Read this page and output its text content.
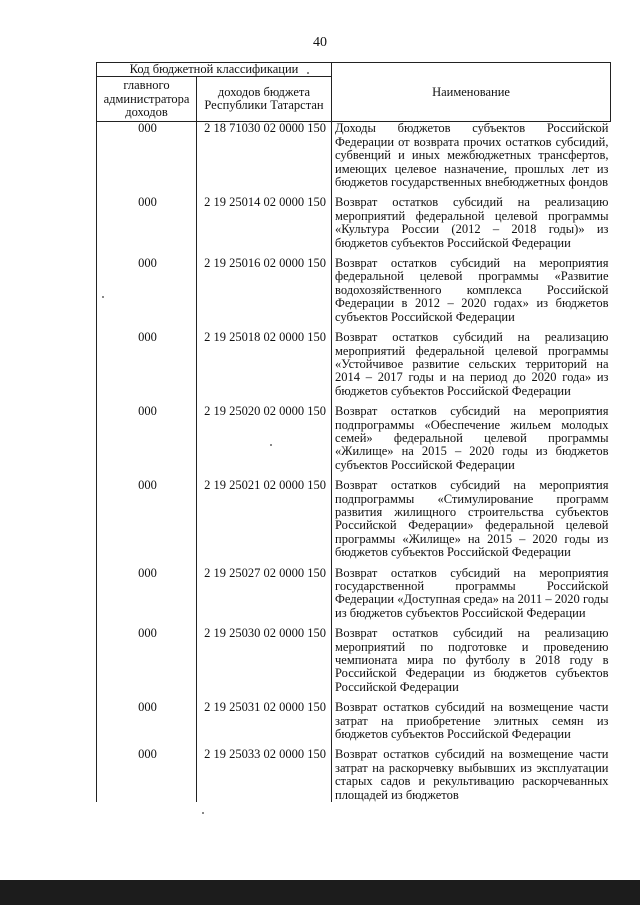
40
Код бюджетной классификации		Наименование
главного администратора доходов	доходов бюджета Республики Татарстан	
000	2 18 71030 02 0000 150	Доходы бюджетов субъектов Российской Федерации от возврата прочих остатков субсидий, субвенций и иных межбюджетных трансфертов, имеющих целевое назначение, прошлых лет из бюджетов государственных внебюджетных фондов
000	2 19 25014 02 0000 150	Возврат остатков субсидий на реализацию мероприятий федеральной целевой программы «Культура России (2012 – 2018 годы)» из бюджетов субъектов Российской Федерации
000	2 19 25016 02 0000 150	Возврат остатков субсидий на мероприятия федеральной целевой программы «Развитие водохозяйственного комплекса Российской Федерации в 2012 – 2020 годах» из бюджетов субъектов Российской Федерации
000	2 19 25018 02 0000 150	Возврат остатков субсидий на реализацию мероприятий федеральной целевой программы «Устойчивое развитие сельских территорий на 2014 – 2017 годы и на период до 2020 года» из бюджетов субъектов Российской Федерации
000	2 19 25020 02 0000 150	Возврат остатков субсидий на мероприятия подпрограммы «Обеспечение жильем молодых семей» федеральной целевой программы «Жилище» на 2015 – 2020 годы из бюджетов субъектов Российской Федерации
000	2 19 25021 02 0000 150	Возврат остатков субсидий на мероприятия подпрограммы «Стимулирование программ развития жилищного строительства субъектов Российской Федерации» федеральной целевой программы «Жилище» на 2015 – 2020 годы из бюджетов субъектов Российской Федерации
000	2 19 25027 02 0000 150	Возврат остатков субсидий на мероприятия государственной программы Российской Федерации «Доступная среда» на 2011 – 2020 годы из бюджетов субъектов Российской Федерации
000	2 19 25030 02 0000 150	Возврат остатков субсидий на реализацию мероприятий по подготовке и проведению чемпионата мира по футболу в 2018 году в Российской Федерации из бюджетов субъектов Российской Федерации
000	2 19 25031 02 0000 150	Возврат остатков субсидий на возмещение части затрат на приобретение элитных семян из бюджетов субъектов Российской Федерации
000	2 19 25033 02 0000 150	Возврат остатков субсидий на возмещение части затрат на раскорчевку выбывших из эксплуатации старых садов и рекультивацию раскорчеванных площадей из бюджетов
